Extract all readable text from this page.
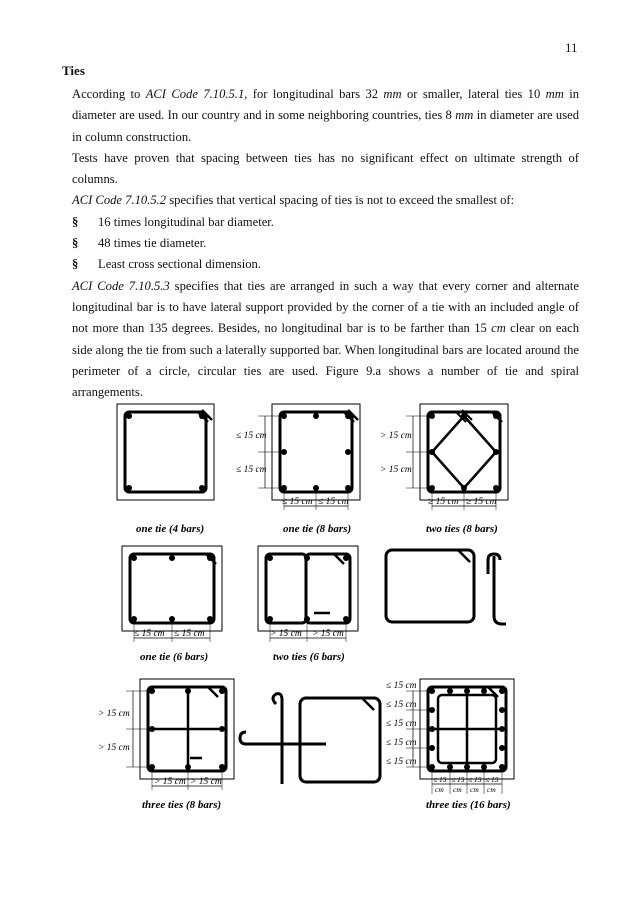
11
Ties

According to ACI Code 7.10.5.1, for longitudinal bars 32 mm or smaller, lateral ties 10 mm in diameter are used. In our country and in some neighboring countries, ties 8 mm in diameter are used in column construction.

Tests have proven that spacing between ties has no significant effect on ultimate strength of columns.

ACI Code 7.10.5.2 specifies that vertical spacing of ties is not to exceed the smallest of:

§	16 times longitudinal bar diameter.
§	48 times tie diameter.
§	Least cross sectional dimension.

ACI Code 7.10.5.3 specifies that ties are arranged in such a way that every corner and alternate longitudinal bar is to have lateral support provided by the corner of a tie with an included angle of not more than 135 degrees. Besides, no longitudinal bar is to be farther than 15 cm clear on each side along the tie from such a laterally supported bar. When longitudinal bars are located around the perimeter of a circle, circular ties are used. Figure 9.a shows a number of tie and spiral arrangements.

one tie (4 bars)
≤ 15 cm
≤ 15 cm
≤ 15 cm ≤ 15 cm
one tie (8 bars)
> 15 cm
> 15 cm
≥ 15 cm ≥ 15 cm
two ties (8 bars)
≤ 15 cm ≤ 15 cm
one tie (6 bars)
> 15 cm > 15 cm
two ties (6 bars)
> 15 cm
> 15 cm
> 15 cm > 15 cm
three ties (8 bars)
≤ 15 cm
≤ 15 cm
≤ 15 cm
≤ 15 cm
≤ 15 cm
≤ 15 ≤ 15 ≤ 15 ≤ 15
cm cm cm cm
three ties (16 bars)
